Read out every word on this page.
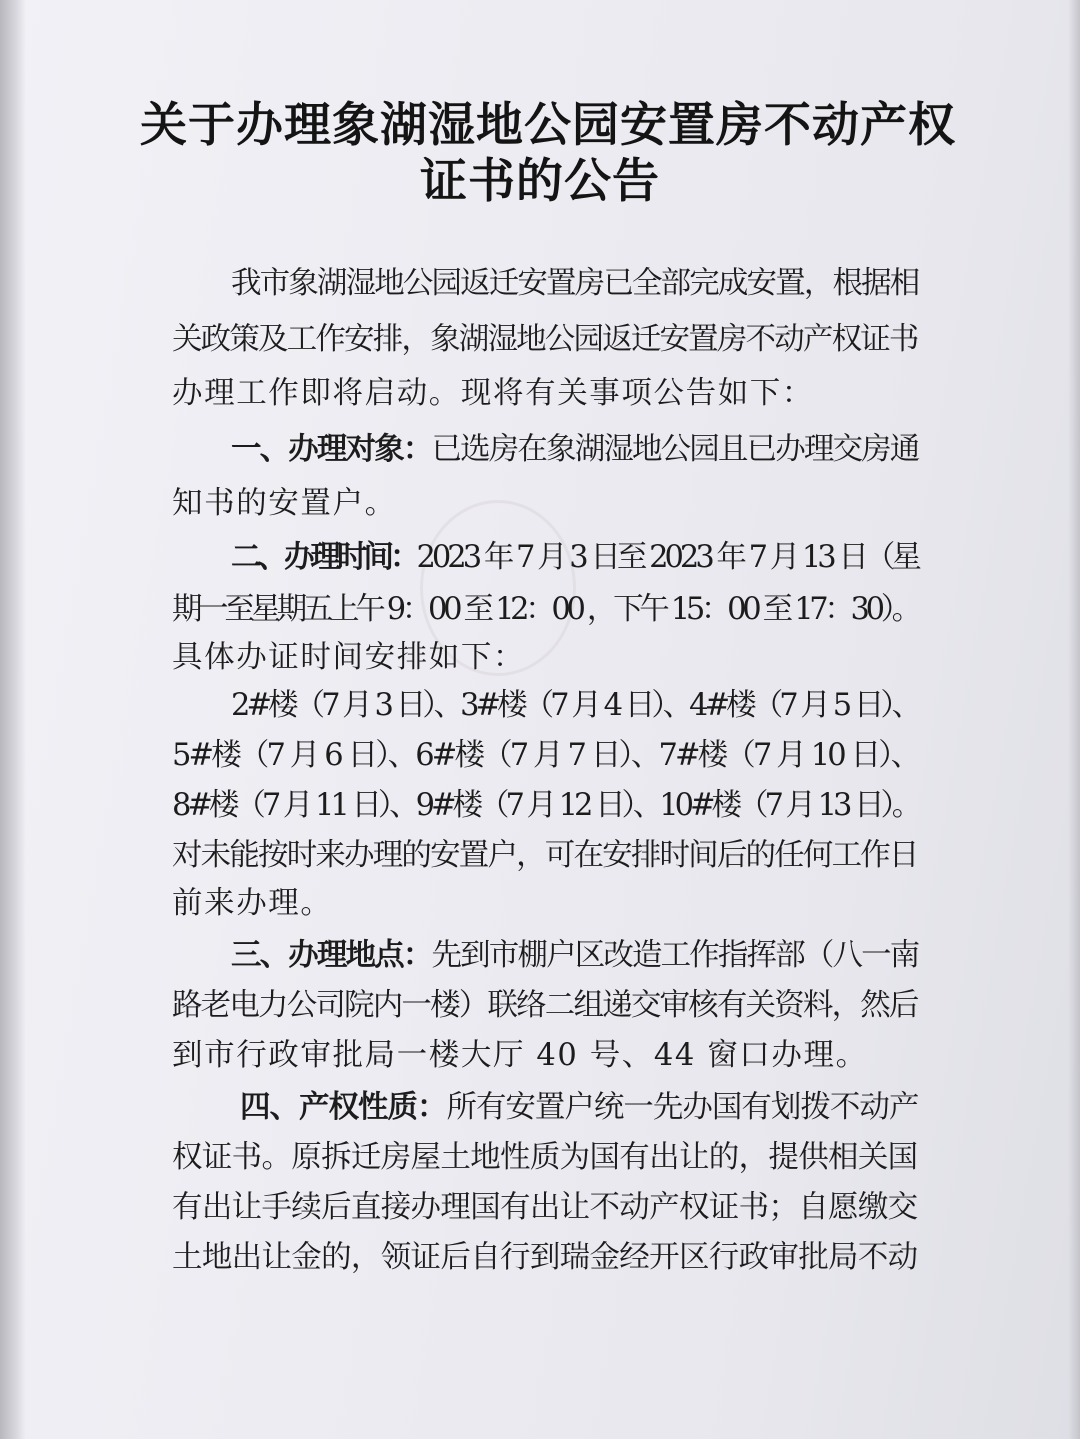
关于办理象湖湿地公园安置房不动产权
证书的公告
我市象湖湿地公园返迁安置房已全部完成安置，根据相
关政策及工作安排，象湖湿地公园返迁安置房不动产权证书
办理工作即将启动。现将有关事项公告如下：
一、办理对象：已选房在象湖湿地公园且已办理交房通
知书的安置户。
二、办理时间：2023 年 7 月 3 日至 2023 年 7 月 13 日（星
期一至星期五上午 9：00 至 12：00 ，下午 15：00 至 17：30）。
具体办证时间安排如下：
2#楼（7 月 3 日）、3#楼（7 月 4 日）、4#楼（7 月 5 日）、
5#楼（7 月 6 日）、6#楼（7 月 7 日）、7#楼（7 月 10 日）、
8#楼（7 月 11 日）、9#楼（7 月 12 日）、10#楼（7 月 13 日）。
对未能按时来办理的安置户，可在安排时间后的任何工作日
前来办理。
三、办理地点：先到市棚户区改造工作指挥部（八一南
路老电力公司院内一楼）联络二组递交审核有关资料，然后
到市行政审批局一楼大厅 40 号、44 窗口办理。
四、产权性质：所有安置户统一先办国有划拨不动产
权证书。原拆迁房屋土地性质为国有出让的，提供相关国
有出让手续后直接办理国有出让不动产权证书；自愿缴交
土地出让金的，领证后自行到瑞金经开区行政审批局不动
